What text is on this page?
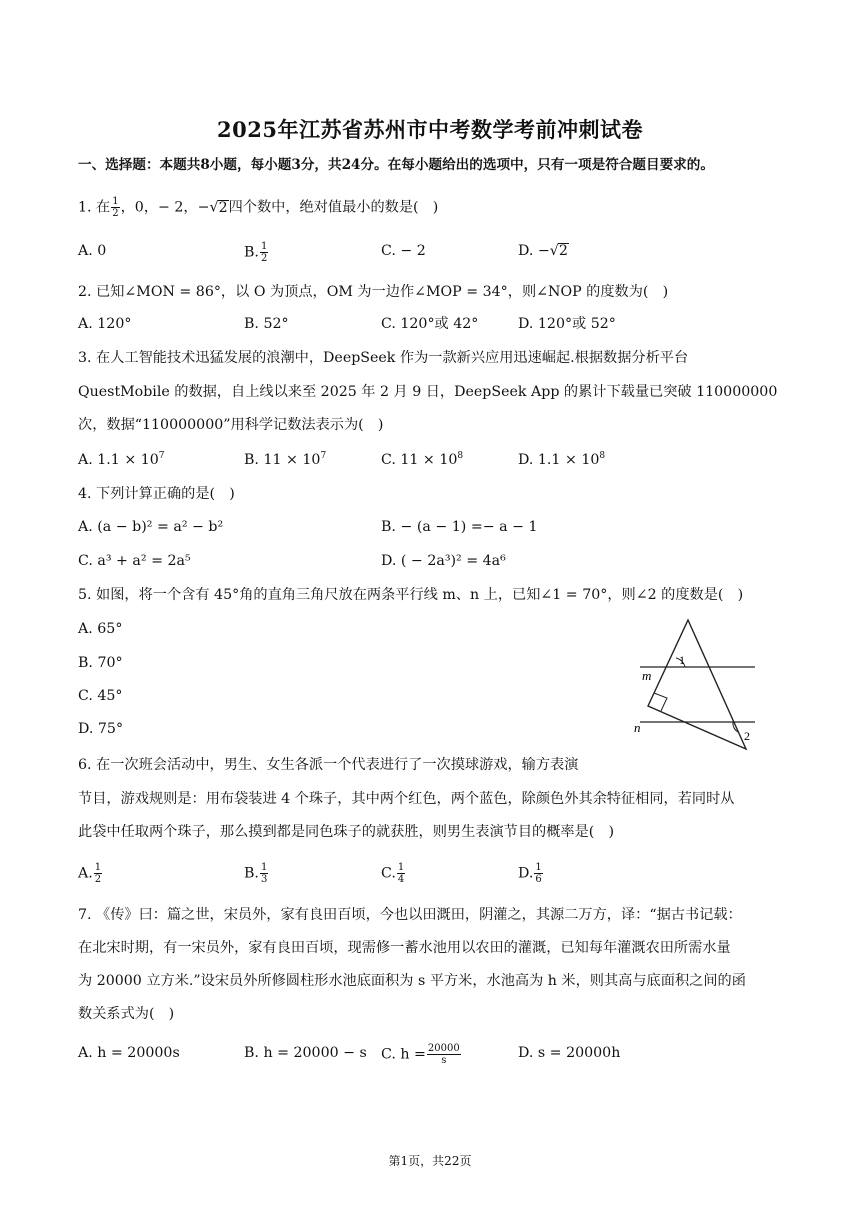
2025年江苏省苏州市中考数学考前冲刺试卷
一、选择题：本题共8小题，每小题3分，共24分。在每小题给出的选项中，只有一项是符合题目要求的。
1. 在 $\frac{1}{2}$ ，0，− 2，−√2四个数中，绝对值最小的数是(　)
A. 0	B. $\frac{1}{2}$	C. − 2	D. −√2
2. 已知∠MON = 86°，以 O 为顶点，OM 为一边作∠MOP = 34°，则∠NOP 的度数为(　)
A. 120°	B. 52°	C. 120°或 42°	D. 120°或 52°
3. 在人工智能技术迅猛发展的浪潮中，DeepSeek 作为一款新兴应用迅速崛起.根据数据分析平台
QuestMobile 的数据，自上线以来至 2025 年 2 月 9 日，DeepSeek App 的累计下载量已突破 110000000
次，数据“110000000”用科学记数法表示为(　)
A. $1.1 \times 10^7$	B. $11 \times 10^7$	C. $11 \times 10^8$	D. $1.1 \times 10^8$
4. 下列计算正确的是(　)
A. (a − b)² = a² − b²	B. − (a − 1) =− a − 1
C. a³ + a² = 2a⁵	D. ( − 2a³)² = 4a⁶
5. 如图，将一个含有 45°角的直角三角尺放在两条平行线 m、n 上，已知∠1 = 70°，则∠2 的度数是(　)
A. 65°
B. 70°
C. 45°
D. 75°
m
n
1
2
6. 在一次班会活动中，男生、女生各派一个代表进行了一次摸球游戏，输方表演
节目，游戏规则是：用布袋装进 4 个珠子，其中两个红色，两个蓝色，除颜色外其余特征相同，若同时从
此袋中任取两个珠子，那么摸到都是同色珠子的就获胜，则男生表演节目的概率是(　)
A. $\frac{1}{2}$	B. $\frac{1}{3}$	C. $\frac{1}{4}$	D. $\frac{1}{6}$
7. 《传》曰：篇之世，宋员外，家有良田百顷，今也以田溉田，阴灌之，其源二万方，译：“据古书记载：
在北宋时期，有一宋员外，家有良田百顷，现需修一蓄水池用以农田的灌溉，已知每年灌溉农田所需水量
为 20000 立方米.”设宋员外所修圆柱形水池底面积为 s 平方米，水池高为 h 米，则其高与底面积之间的函
数关系式为(　)
A. h = 20000s	B. h = 20000 − s C. $h = \frac{20000}{s}$	D. s = 20000h
第1页，共22页
